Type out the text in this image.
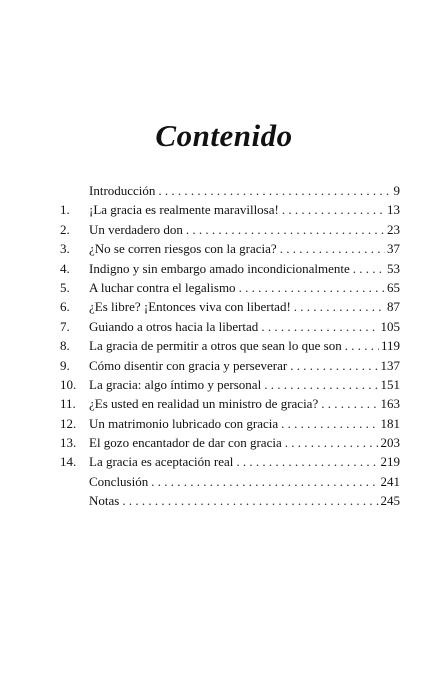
Contenido
Introducción . . .	9
1.	¡La gracia es realmente maravillosa! . . .	13
2.	Un verdadero don . . .	23
3.	¿No se corren riesgos con la gracia? . . .	37
4.	Indigno y sin embargo amado incondicionalmente . . .	53
5.	A luchar contra el legalismo . . .	65
6.	¿Es libre? ¡Entonces viva con libertad! . . .	87
7.	Guiando a otros hacia la libertad . . .	105
8.	La gracia de permitir a otros que sean lo que son . . .	119
9.	Cómo disentir con gracia y perseverar . . .	137
10. La gracia: algo íntimo y personal . . .	151
11.	¿Es usted en realidad un ministro de gracia? . . .	163
12. Un matrimonio lubricado con gracia . . .	181
13. El gozo encantador de dar con gracia . . .	203
14. La gracia es aceptación real . . .	219
Conclusión . . .	241
Notas . . .	245
